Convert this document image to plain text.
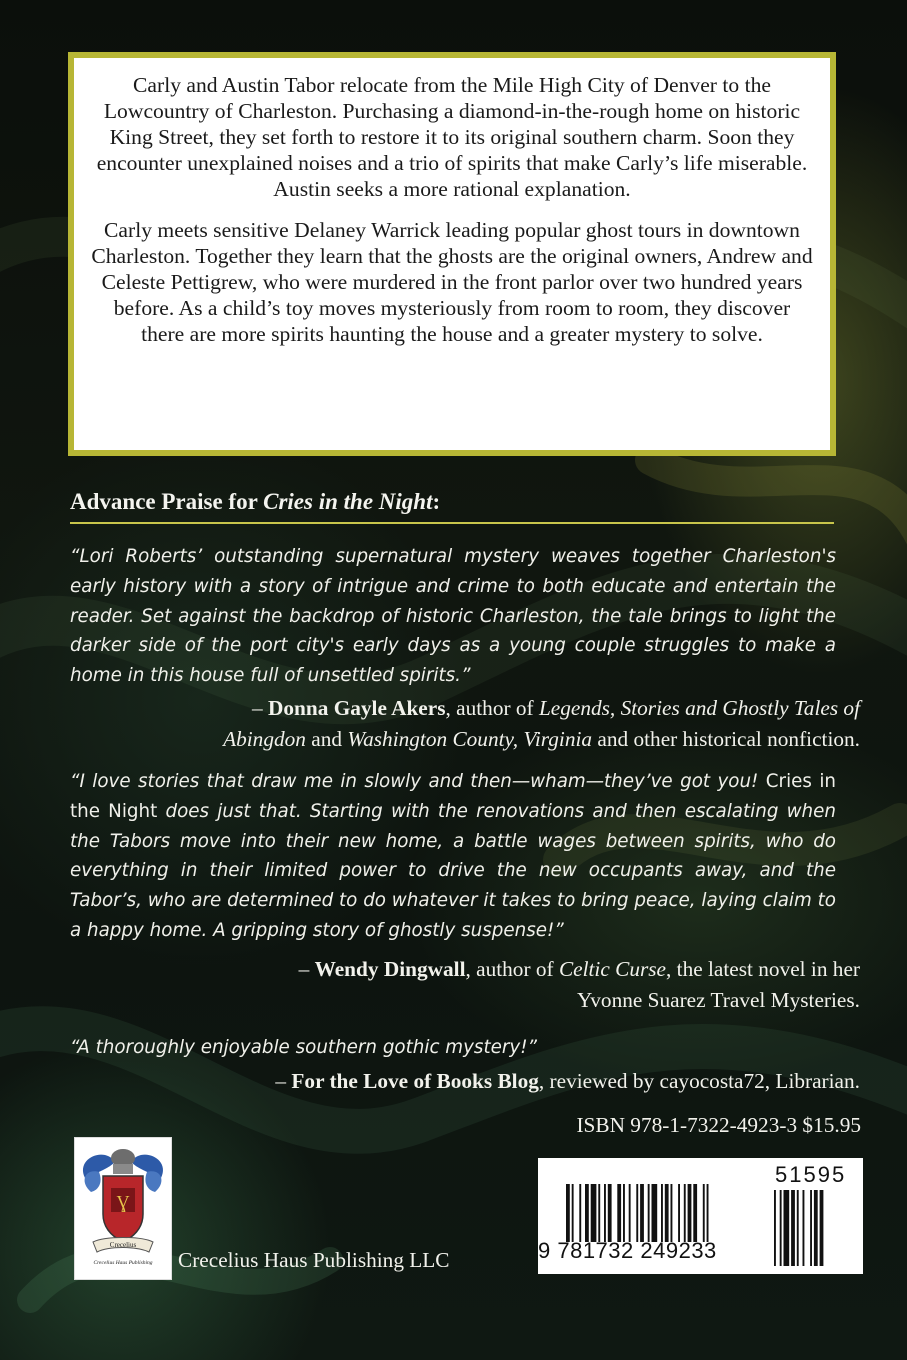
Carly and Austin Tabor relocate from the Mile High City of Denver to the Lowcountry of Charleston. Purchasing a diamond-in-the-rough home on historic King Street, they set forth to restore it to its original southern charm. Soon they encounter unexplained noises and a trio of spirits that make Carly’s life miserable. Austin seeks a more rational explanation.

Carly meets sensitive Delaney Warrick leading popular ghost tours in downtown Charleston. Together they learn that the ghosts are the original owners, Andrew and Celeste Pettigrew, who were murdered in the front parlor over two hundred years before. As a child’s toy moves mysteriously from room to room, they discover there are more spirits haunting the house and a greater mystery to solve.

Advance Praise for Cries in the Night:
“Lori Roberts’ outstanding supernatural mystery weaves together Charleston's early history with a story of intrigue and crime to both educate and entertain the reader. Set against the backdrop of historic Charleston, the tale brings to light the darker side of the port city's early days as a young couple struggles to make a home in this house full of unsettled spirits.”
– Donna Gayle Akers, author of Legends, Stories and Ghostly Tales of
Abingdon and Washington County, Virginia and other historical nonfiction.
“I love stories that draw me in slowly and then—wham—they’ve got you! Cries in the Night does just that. Starting with the renovations and then escalating when the Tabors move into their new home, a battle wages between spirits, who do everything in their limited power to drive the new occupants away, and the Tabor’s, who are determined to do whatever it takes to bring peace, laying claim to a happy home. A gripping story of ghostly suspense!”
– Wendy Dingwall, author of Celtic Curse, the latest novel in her
Yvonne Suarez Travel Mysteries.
“A thoroughly enjoyable southern gothic mystery!”
– For the Love of Books Blog, reviewed by cayocosta72, Librarian.
ISBN 978-1-7322-4923-3 $15.95
Ɣ
Crecelius
Crecelius Haus Publishing Crecelius Haus Publishing LLC	9 781732 249233
51595
